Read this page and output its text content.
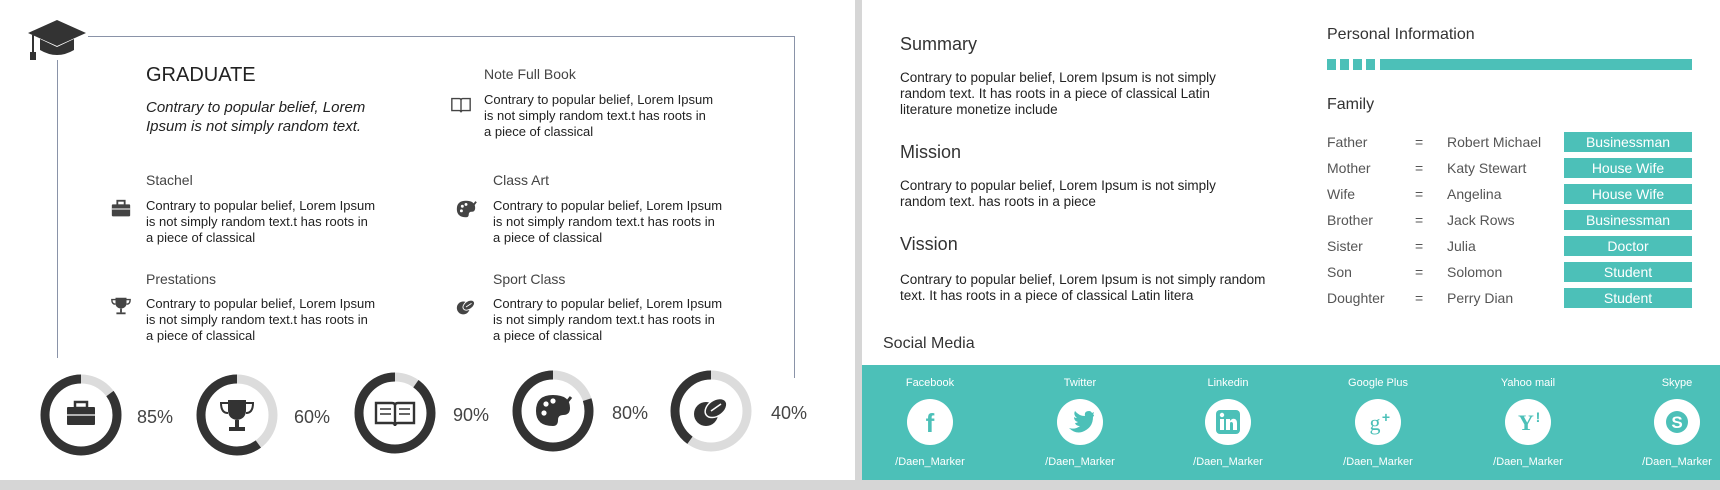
GRADUATE
Contrary to popular belief, Lorem Ipsum is not simply random text.
Note Full Book
Contrary to popular belief, Lorem Ipsum is not simply random text.t has roots in a piece of classical
Stachel
Contrary to popular belief, Lorem Ipsum is not simply random text.t has roots in a piece of classical
Class Art
Contrary to popular belief, Lorem Ipsum is not simply random text.t has roots in a piece of classical
Prestations
Contrary to popular belief, Lorem Ipsum is not simply random text.t has roots in a piece of classical
Sport Class
Contrary to popular belief, Lorem Ipsum is not simply random text.t has roots in a piece of classical
85%	60%	90%	80%	40%
Summary
Contrary to popular belief, Lorem Ipsum is not simply random text. It has roots in a piece of classical Latin literature monetize include
Mission
Contrary to popular belief, Lorem Ipsum is not simply random text. has roots in a piece
Vission
Contrary to popular belief, Lorem Ipsum is not simply random text. It has roots in a piece of classical Latin litera
Personal Information
Family
Father	= Robert Michael	Businessman
Mother	= Katy Stewart	House Wife
Wife	= Angelina	House Wife
Brother	= Jack Rows	Businessman
Sister	= Julia	Doctor
Son	= Solomon	Student
Doughter = Perry Dian	Student
Social Media
Facebook
f
/Daen_Marker
Twitter
/Daen_Marker
Linkedin
/Daen_Marker
Google Plus
g +
/Daen_Marker
Yahoo mail
Y !
/Daen_Marker
Skype
S
/Daen_Marker
